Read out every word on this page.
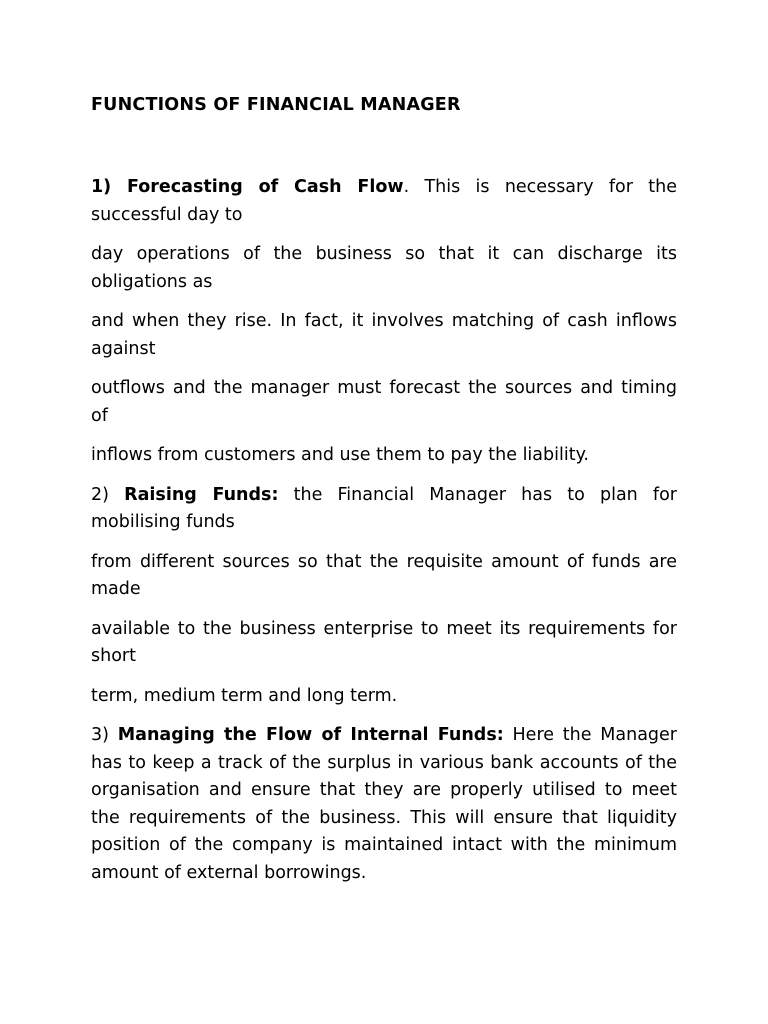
FUNCTIONS OF FINANCIAL MANAGER

1) Forecasting of Cash Flow. This is necessary for the successful day to

day operations of the business so that it can discharge its obligations as

and when they rise. In fact, it involves matching of cash inflows against

outflows and the manager must forecast the sources and timing of

inflows from customers and use them to pay the liability.

2) Raising Funds: the Financial Manager has to plan for mobilising funds

from different sources so that the requisite amount of funds are made

available to the business enterprise to meet its requirements for short

term, medium term and long term.

3) Managing the Flow of Internal Funds: Here the Manager has to keep a track of the surplus in various bank accounts of the organisation and ensure that they are properly utilised to meet the requirements of the business. This will ensure that liquidity position of the company is maintained intact with the minimum amount of external borrowings.
